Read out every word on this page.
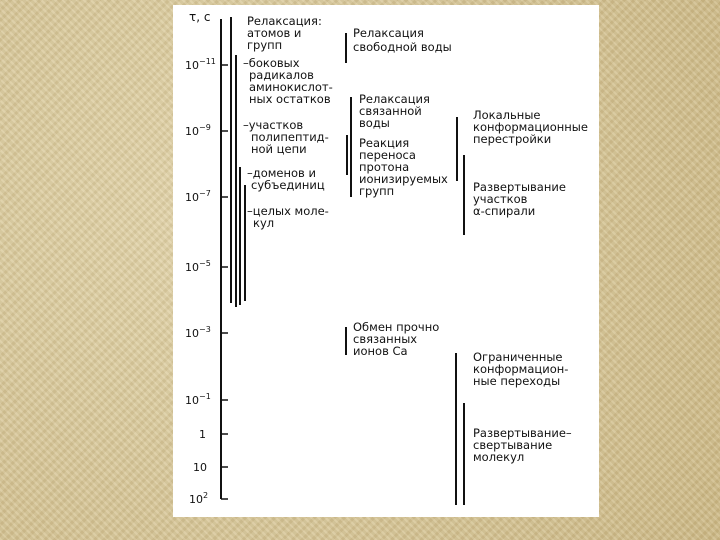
τ, с
$10^{-11}$
$10^{-9}$
$10^{-7}$
$10^{-5}$
$10^{-3}$
$10^{-1}$
1
10
$10^2$
Релаксация:
атомов и
групп
–боковых
радикалов
аминокислот-
ных остатков
–участков
полипептид-
ной цепи
–доменов и
субъединиц
–целых моле-
кул
Релаксация
свободной воды
Релаксация
связанной
воды
Реакция
переноса
протона
ионизируемых
групп
Обмен прочно
связанных
ионов Ca
Локальные
конформационные
перестройки
Развертывание
участков
α-спирали
Ограниченные
конформацион-
ные переходы
Развертывание–
свертывание
молекул
